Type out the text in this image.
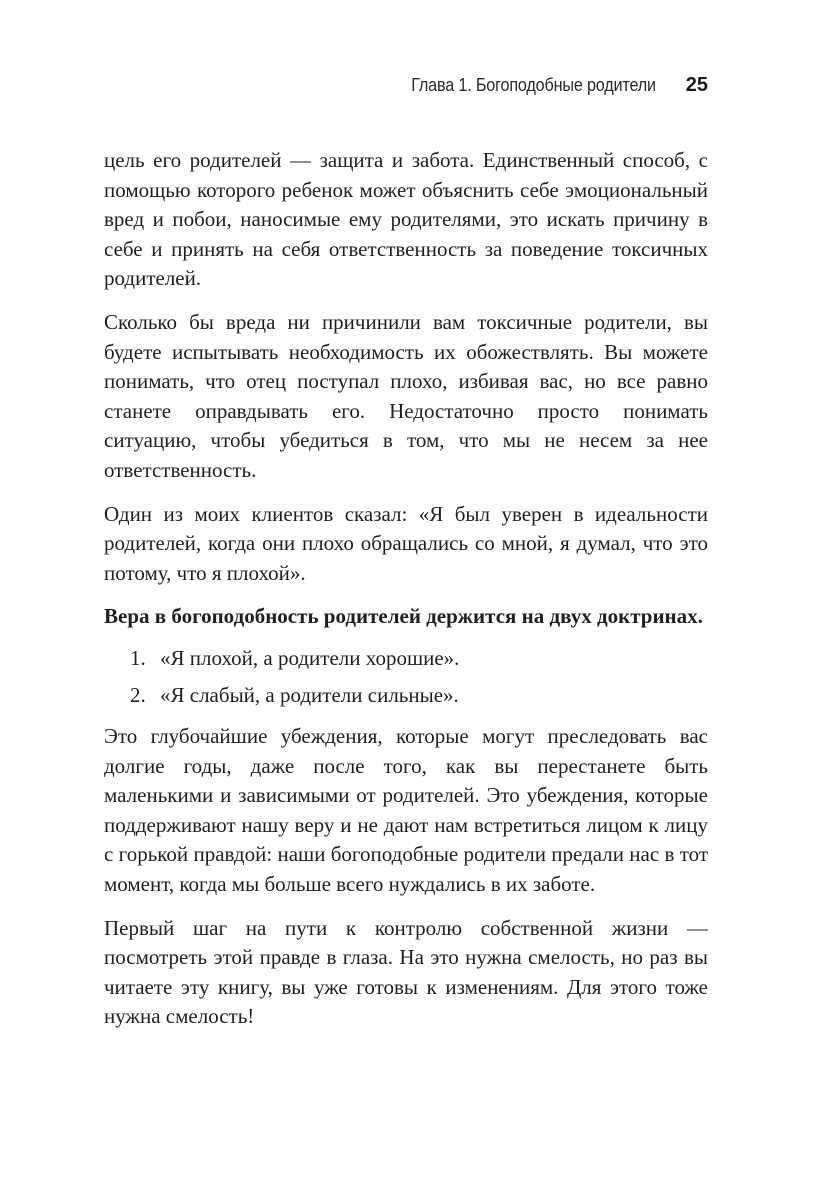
Глава 1. Богоподобные родители 25

цель его родителей — защита и забота. Единственный способ, с помощью которого ребенок может объяснить себе эмоциональный вред и побои, наносимые ему родителями, это искать причину в себе и принять на себя ответственность за поведение токсичных родителей.

Сколько бы вреда ни причинили вам токсичные родители, вы будете испытывать необходимость их обожествлять. Вы можете понимать, что отец поступал плохо, избивая вас, но все равно станете оправдывать его. Недостаточно просто понимать ситуацию, чтобы убедиться в том, что мы не несем за нее ответственность.

Один из моих клиентов сказал: «Я был уверен в идеальности родителей, когда они плохо обращались со мной, я думал, что это потому, что я плохой».

Вера в богоподобность родителей держится на двух доктринах.

1. «Я плохой, а родители хорошие».
2. «Я слабый, а родители сильные».

Это глубочайшие убеждения, которые могут преследовать вас долгие годы, даже после того, как вы перестанете быть маленькими и зависимыми от родителей. Это убеждения, которые поддерживают нашу веру и не дают нам встретиться лицом к лицу с горькой правдой: наши богоподобные родители предали нас в тот момент, когда мы больше всего нуждались в их заботе.

Первый шаг на пути к контролю собственной жизни — посмотреть этой правде в глаза. На это нужна смелость, но раз вы читаете эту книгу, вы уже готовы к изменениям. Для этого тоже нужна смелость!
